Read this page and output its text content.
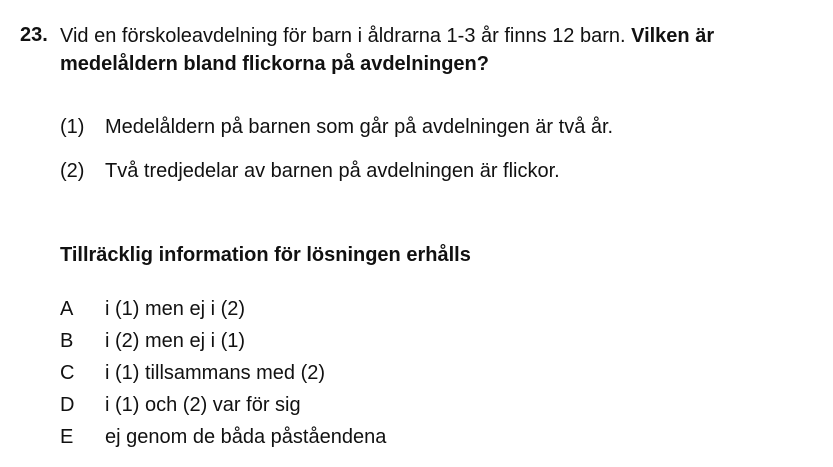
23. Vid en förskoleavdelning för barn i åldrarna 1-3 år finns 12 barn. Vilken är medelåldern bland flickorna på avdelningen?
(1) Medelåldern på barnen som går på avdelningen är två år.
(2) Två tredjedelar av barnen på avdelningen är flickor.
Tillräcklig information för lösningen erhålls
A i (1) men ej i (2)
B i (2) men ej i (1)
C i (1) tillsammans med (2)
D i (1) och (2) var för sig
E ej genom de båda påståendena
